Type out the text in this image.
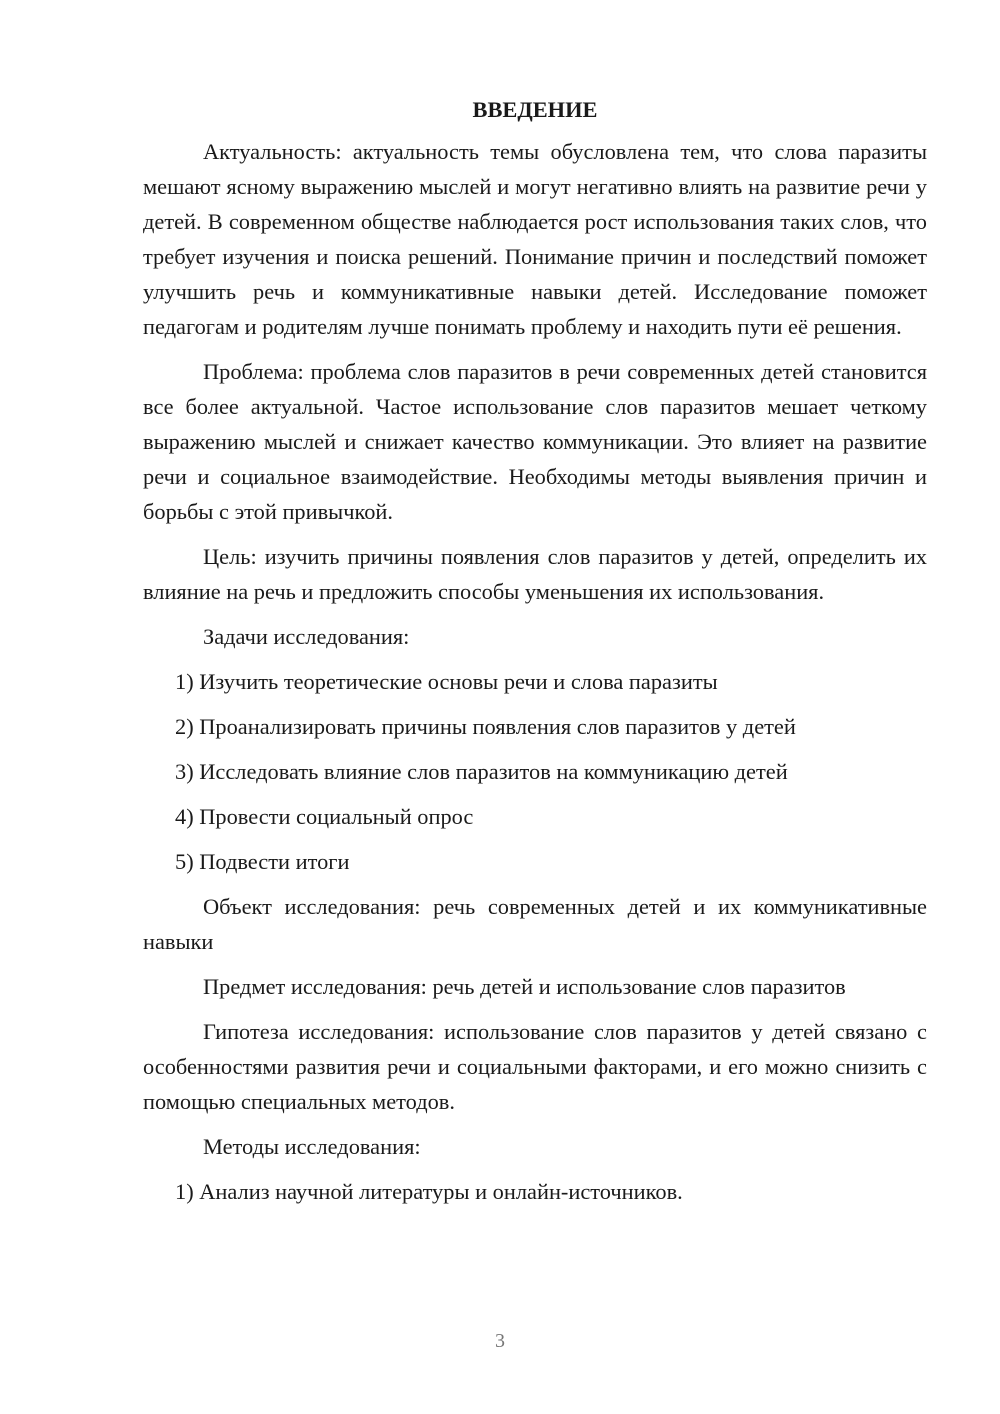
ВВЕДЕНИЕ

Актуальность: актуальность темы обусловлена тем, что слова паразиты мешают ясному выражению мыслей и могут негативно влиять на развитие речи у детей. В современном обществе наблюдается рост использования таких слов, что требует изучения и поиска решений. Понимание причин и последствий поможет улучшить речь и коммуникативные навыки детей. Исследование поможет педагогам и родителям лучше понимать проблему и находить пути её решения.

Проблема: проблема слов паразитов в речи современных детей становится все более актуальной. Частое использование слов паразитов мешает четкому выражению мыслей и снижает качество коммуникации. Это влияет на развитие речи и социальное взаимодействие. Необходимы методы выявления причин и борьбы с этой привычкой.

Цель: изучить причины появления слов паразитов у детей, определить их влияние на речь и предложить способы уменьшения их использования.

Задачи исследования:

1) Изучить теоретические основы речи и слова паразиты
2) Проанализировать причины появления слов паразитов у детей
3) Исследовать влияние слов паразитов на коммуникацию детей
4) Провести социальный опрос
5) Подвести итоги

Объект исследования: речь современных детей и их коммуникативные навыки

Предмет исследования: речь детей и использование слов паразитов

Гипотеза исследования: использование слов паразитов у детей связано с особенностями развития речи и социальными факторами, и его можно снизить с помощью специальных методов.

Методы исследования:

1) Анализ научной литературы и онлайн-источников.
3
